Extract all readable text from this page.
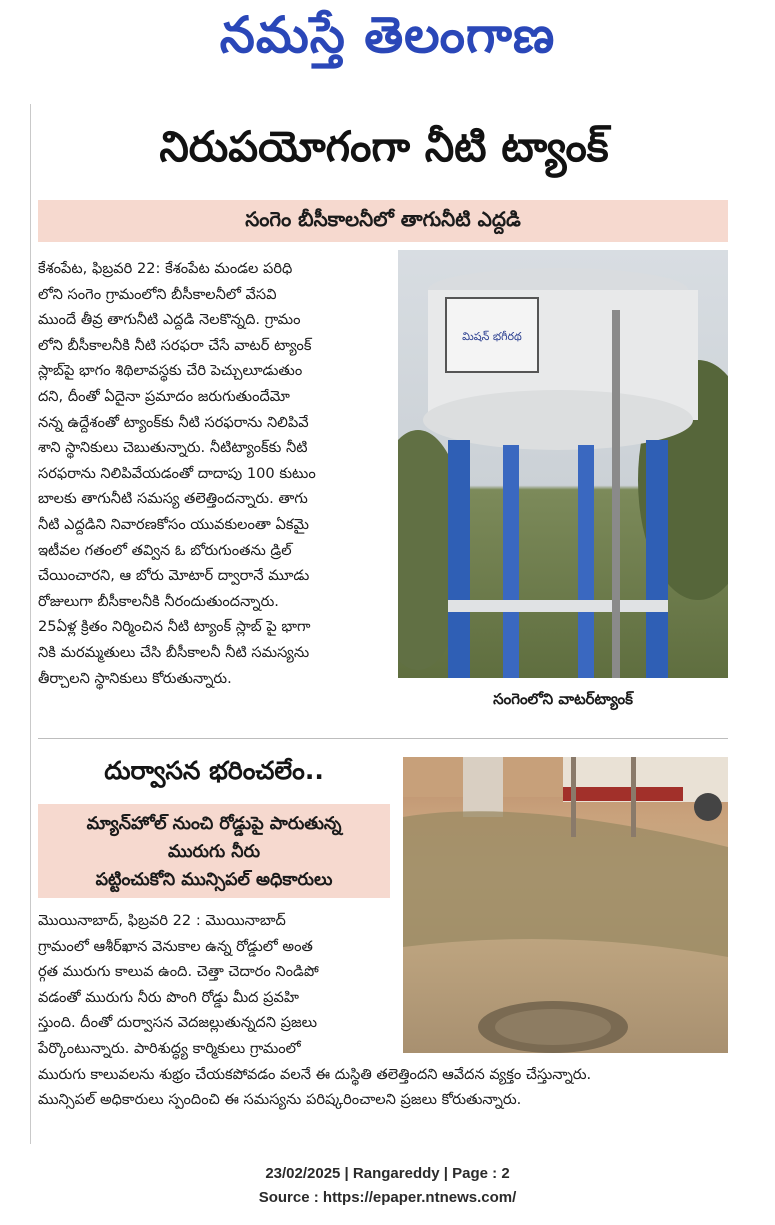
నమస్తే తెలంగాణ
నిరుపయోగంగా నీటి ట్యాంక్
సంగెం బీసీకాలనీలో తాగునీటి ఎద్దడి

కేశంపేట, ఫిబ్రవరి 22: కేశంపేట మండల పరిధి

లోని సంగెం గ్రామంలోని బీసీకాలనీలో వేసవి

ముందే తీవ్ర తాగునీటి ఎద్దడి నెలకొన్నది. గ్రామం

లోని బీసీకాలనీకి నీటి సరఫరా చేసే వాటర్ ట్యాంక్

స్లాబ్‌పై భాగం శిథిలావస్థకు చేరి పెచ్చులూడుతుం

దని, దీంతో ఏదైనా ప్రమాదం జరుగుతుందేమో

నన్న ఉద్దేశంతో ట్యాంక్‌కు నీటి సరఫరాను నిలిపివే

శాని స్థానికులు చెబుతున్నారు. నీటిట్యాంక్‌కు నీటి

సరఫరాను నిలిపివేయడంతో దాదాపు 100 కుటుం

బాలకు తాగునీటి సమస్య తలెత్తిందన్నారు. తాగు

నీటి ఎద్దడిని నివారణకోసం యువకులంతా ఏకమై

ఇటీవల గతంలో తవ్విన ఓ బోరుగుంతను డ్రిల్

చేయించారని, ఆ బోరు మోటార్ ద్వారానే మూడు

రోజులుగా బీసీకాలనీకి నీరందుతుందన్నారు.

25ఏళ్ల క్రితం నిర్మించిన నీటి ట్యాంక్ స్లాబ్ పై భాగా

నికి మరమ్మతులు చేసి బీసీకాలనీ నీటి సమస్యను

తీర్చాలని స్థానికులు కోరుతున్నారు.

మిషన్ భగీరథ
సంగెంలోని వాటర్‌ట్యాంక్
దుర్వాసన భరించలేం..
మ్యాన్‌హోల్ నుంచి రోడ్డుపై పారుతున్న
మురుగు నీరు
పట్టించుకోని మున్సిపల్ అధికారులు

మొయినాబాద్, ఫిబ్రవరి 22 : మొయినాబాద్

గ్రామంలో ఆశీర్‌ఖాన వెనుకాల ఉన్న రోడ్డులో అంత

ర్గత మురుగు కాలువ ఉంది. చెత్తా చెదారం నిండిపో

వడంతో మురుగు నీరు పొంగి రోడ్డు మీద ప్రవహి

స్తుంది. దీంతో దుర్వాసన వెదజల్లుతున్నదని ప్రజలు

పేర్కొంటున్నారు. పారిశుద్ధ్య కార్మికులు గ్రామంలో

మురుగు కాలువలను శుభ్రం చేయకపోవడం వలనే ఈ దుస్థితి తలెత్తిందని ఆవేదన వ్యక్తం చేస్తున్నారు.

మున్సిపల్ అధికారులు స్పందించి ఈ సమస్యను పరిష్కరించాలని ప్రజలు కోరుతున్నారు.

23/02/2025 | Rangareddy | Page : 2
Source : https://epaper.ntnews.com/
